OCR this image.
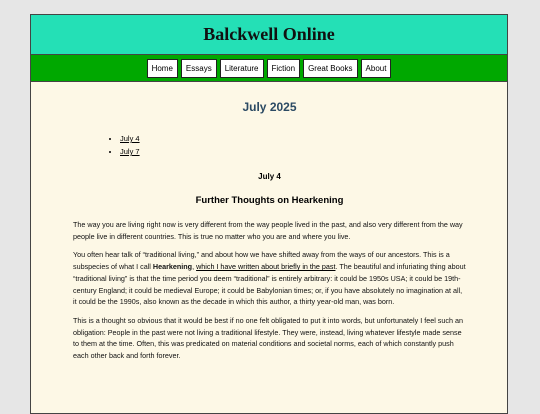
Balckwell Online
Home	Essays	Literature	Fiction	Great Books	About
July 2025
• July 4
• July 7
July 4
Further Thoughts on Hearkening

The way you are living right now is very different from the way people lived in the past, and also very different from the way people live in different countries. This is true no matter who you are and where you live.

You often hear talk of “traditional living,” and about how we have shifted away from the ways of our ancestors. This is a subspecies of what I call Hearkening, which I have written about briefly in the past. The beautiful and infuriating thing about “traditional living” is that the time period you deem “traditional” is entirely arbitrary: it could be 1950s USA; it could be 19th-century England; it could be medieval Europe; it could be Babylonian times; or, if you have absolutely no imagination at all, it could be the 1990s, also known as the decade in which this author, a thirty year-old man, was born.

This is a thought so obvious that it would be best if no one felt obligated to put it into words, but unfortunately I feel such an obligation: People in the past were not living a traditional lifestyle. They were, instead, living whatever lifestyle made sense to them at the time. Often, this was predicated on material conditions and societal norms, each of which constantly push each other back and forth forever.
